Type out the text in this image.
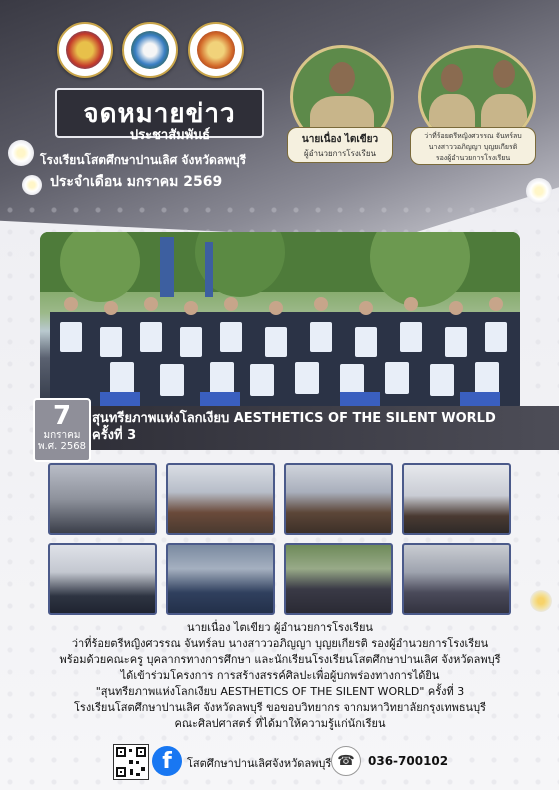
จดหมายข่าว
ประชาสัมพันธ์
โรงเรียนโสตศึกษาปานเลิศ จังหวัดลพบุรี
ประจำเดือน มกราคม 2569
นายเนื่อง ไตเขียว
ผู้อำนวยการโรงเรียน
ว่าที่ร้อยตรีหญิงศวรรณ จันทร์ลบ
นางสาววอภิญญา บุญยเกียรติ
รองผู้อำนวยการโรงเรียน
7
มกราคม
พ.ศ. 2568
สุนทรียภาพแห่งโลกเงียบ AESTHETICS OF THE SILENT WORLD
ครั้งที่ 3
นายเนื่อง ไตเขียว ผู้อำนวยการโรงเรียน
ว่าที่ร้อยตรีหญิงศวรรณ จันทร์ลบ นางสาววอภิญญา บุญยเกียรติ รองผู้อำนวยการโรงเรียน
พร้อมด้วยคณะครู บุคลากรทางการศึกษา และนักเรียนโรงเรียนโสตศึกษาปานเลิศ จังหวัดลพบุรี
ได้เข้าร่วมโครงการ การสร้างสรรค์ศิลปะเพื่อผู้บกพร่องทางการได้ยิน
"สุนทรียภาพแห่งโลกเงียบ AESTHETICS OF THE SILENT WORLD" ครั้งที่ 3
โรงเรียนโสตศึกษาปานเลิศ จังหวัดลพบุรี ขอขอบวิทยากร จากมหาวิทยาลัยกรุงเทพธนบุรี
คณะศิลปศาสตร์ ที่ได้มาให้ความรู้แก่นักเรียน
f	โสตศึกษาปานเลิศจังหวัดลพบุรี ☎	036-700102
